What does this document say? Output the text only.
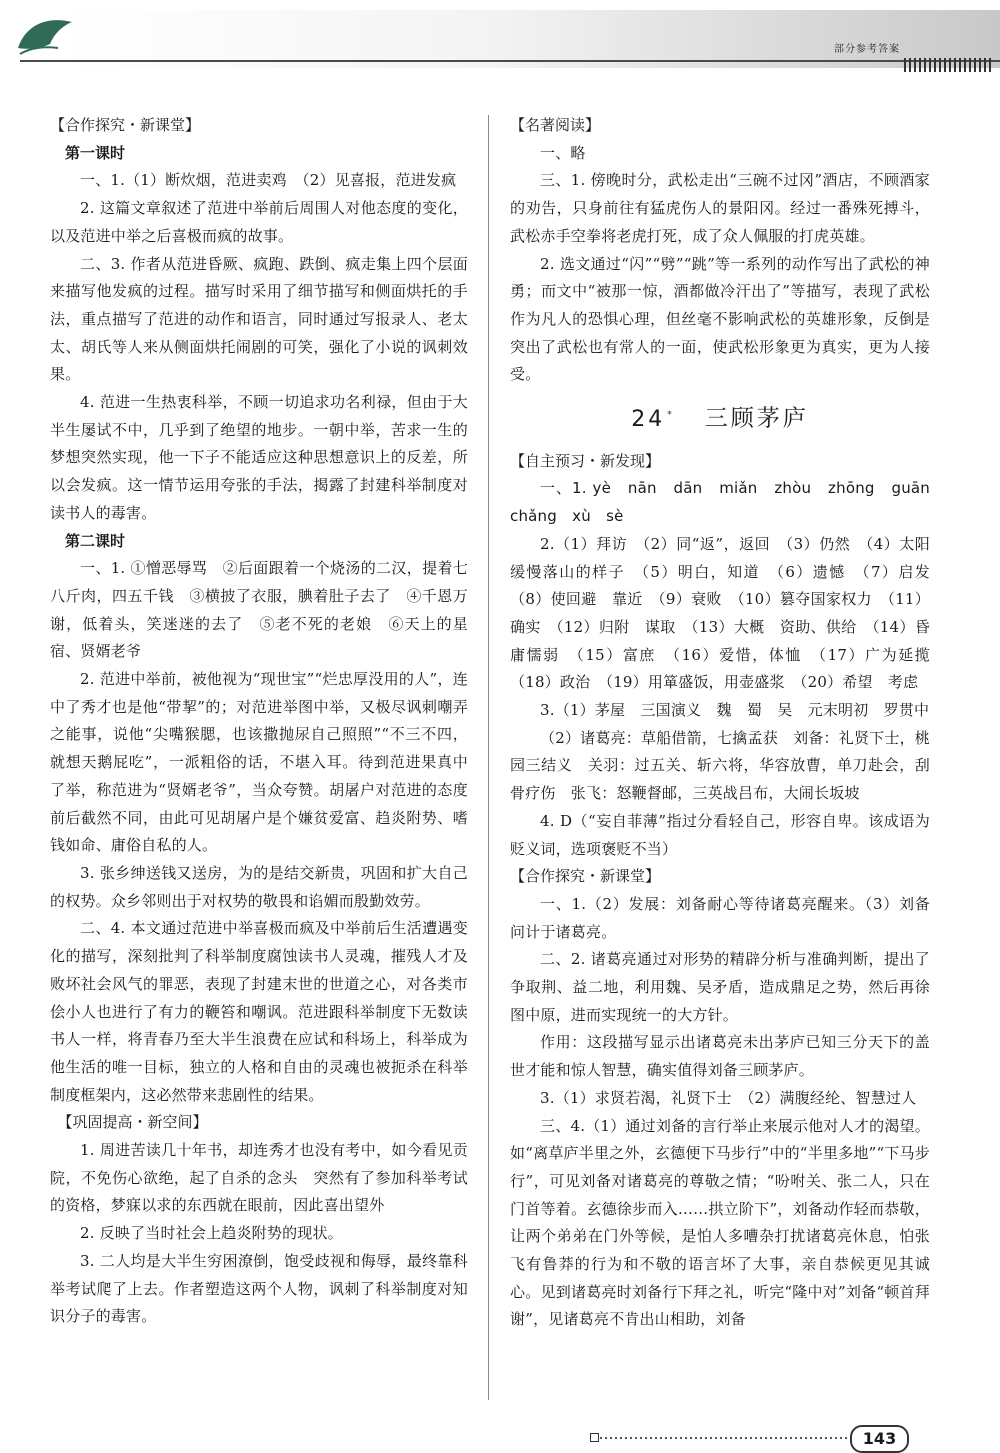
部分参考答案

【合作探究・新课堂】

　第一课时

一、1.（1）断炊烟，范进卖鸡　（2）见喜报，范进发疯

2. 这篇文章叙述了范进中举前后周围人对他态度的变化，以及范进中举之后喜极而疯的故事。

二、3. 作者从范进昏厥、疯跑、跌倒、疯走集上四个层面来描写他发疯的过程。描写时采用了细节描写和侧面烘托的手法，重点描写了范进的动作和语言，同时通过写报录人、老太太、胡氏等人来从侧面烘托闹剧的可笑，强化了小说的讽刺效果。

4. 范进一生热衷科举，不顾一切追求功名利禄，但由于大半生屡试不中，几乎到了绝望的地步。一朝中举，苦求一生的梦想突然实现，他一下子不能适应这种思想意识上的反差，所以会发疯。这一情节运用夸张的手法，揭露了封建科举制度对读书人的毒害。

　第二课时

一、1. ①憎恶辱骂　②后面跟着一个烧汤的二汉，提着七八斤肉，四五千钱　③横披了衣服，腆着肚子去了　④千恩万谢，低着头，笑迷迷的去了　⑤老不死的老娘　⑥天上的星宿、贤婿老爷

2. 范进中举前，被他视为“现世宝”“烂忠厚没用的人”，连中了秀才也是他“带挈”的；对范进举图中举，又极尽讽刺嘲弄之能事，说他“尖嘴猴腮，也该撒抛尿自己照照”“不三不四，就想天鹅屁吃”，一派粗俗的话，不堪入耳。待到范进果真中了举，称范进为“贤婿老爷”，当众夸赞。胡屠户对范进的态度前后截然不同，由此可见胡屠户是个嫌贫爱富、趋炎附势、嗜钱如命、庸俗自私的人。

3. 张乡绅送钱又送房，为的是结交新贵，巩固和扩大自己的权势。众乡邻则出于对权势的敬畏和谄媚而殷勤效劳。

二、4. 本文通过范进中举喜极而疯及中举前后生活遭遇变化的描写，深刻批判了科举制度腐蚀读书人灵魂，摧残人才及败坏社会风气的罪恶，表现了封建末世的世道之心，对各类市侩小人也进行了有力的鞭笞和嘲讽。范进跟科举制度下无数读书人一样，将青春乃至大半生浪费在应试和科场上，科举成为他生活的唯一目标，独立的人格和自由的灵魂也被扼杀在科举制度框架内，这必然带来悲剧性的结果。

　【巩固提高・新空间】

1. 周进苦读几十年书，却连秀才也没有考中，如今看见贡院，不免伤心欲绝，起了自杀的念头　突然有了参加科举考试的资格，梦寐以求的东西就在眼前，因此喜出望外

2. 反映了当时社会上趋炎附势的现状。

3. 二人均是大半生穷困潦倒，饱受歧视和侮辱，最终靠科举考试爬了上去。作者塑造这两个人物，讽刺了科举制度对知识分子的毒害。

【名著阅读】

一、略

三、1. 傍晚时分，武松走出“三碗不过冈”酒店，不顾酒家的劝告，只身前往有猛虎伤人的景阳冈。经过一番殊死搏斗，武松赤手空拳将老虎打死，成了众人佩服的打虎英雄。

2. 选文通过“闪”“劈”“跳”等一系列的动作写出了武松的神勇；而文中“被那一惊，酒都做冷汗出了”等描写，表现了武松作为凡人的恐惧心理，但丝毫不影响武松的英雄形象，反倒是突出了武松也有常人的一面，使武松形象更为真实，更为人接受。

24 * 三顾茅庐

【自主预习・新发现】

一、1. yè　nān　dān　miǎn　zhòu　zhōng　guān chǎng　xù　sè

2.（1）拜访　（2）同“返”，返回　（3）仍然　（4）太阳缓慢落山的样子　（5）明白，知道　（6）遗憾　（7）启发　（8）使回避　靠近　（9）衰败　（10）篡夺国家权力　（11）确实　（12）归附　谋取　（13）大概　资助、供给　（14）昏庸懦弱　（15）富庶　（16）爱惜，体恤　（17）广为延揽　（18）政治　（19）用箪盛饭，用壶盛浆　（20）希望　考虑

3.（1）茅屋　三国演义　魏　蜀　吴　元末明初　罗贯中

（2）诸葛亮：草船借箭，七擒孟获　刘备：礼贤下士，桃园三结义　关羽：过五关、斩六将，华容放曹，单刀赴会，刮骨疗伤　张飞：怒鞭督邮，三英战吕布，大闹长坂坡

4. D（“妄自菲薄”指过分看轻自己，形容自卑。该成语为贬义词，选项褒贬不当）

【合作探究・新课堂】

一、1.（2）发展：刘备耐心等待诸葛亮醒来。（3）刘备问计于诸葛亮。

二、2. 诸葛亮通过对形势的精辟分析与准确判断，提出了争取荆、益二地，利用魏、吴矛盾，造成鼎足之势，然后再徐图中原，进而实现统一的大方针。

作用：这段描写显示出诸葛亮未出茅庐已知三分天下的盖世才能和惊人智慧，确实值得刘备三顾茅庐。

3.（1）求贤若渴，礼贤下士　（2）满腹经纶、智慧过人

三、4.（1）通过刘备的言行举止来展示他对人才的渴望。如“离草庐半里之外，玄德便下马步行”中的“半里多地”“下马步行”，可见刘备对诸葛亮的尊敬之情；“吩咐关、张二人，只在门首等着。玄德徐步而入……拱立阶下”，刘备动作轻而恭敬，让两个弟弟在门外等候，是怕人多嘈杂打扰诸葛亮休息，怕张飞有鲁莽的行为和不敬的语言坏了大事，亲自恭候更见其诚心。见到诸葛亮时刘备行下拜之礼，听完“隆中对”刘备“顿首拜谢”，见诸葛亮不肯出山相助，刘备

143
